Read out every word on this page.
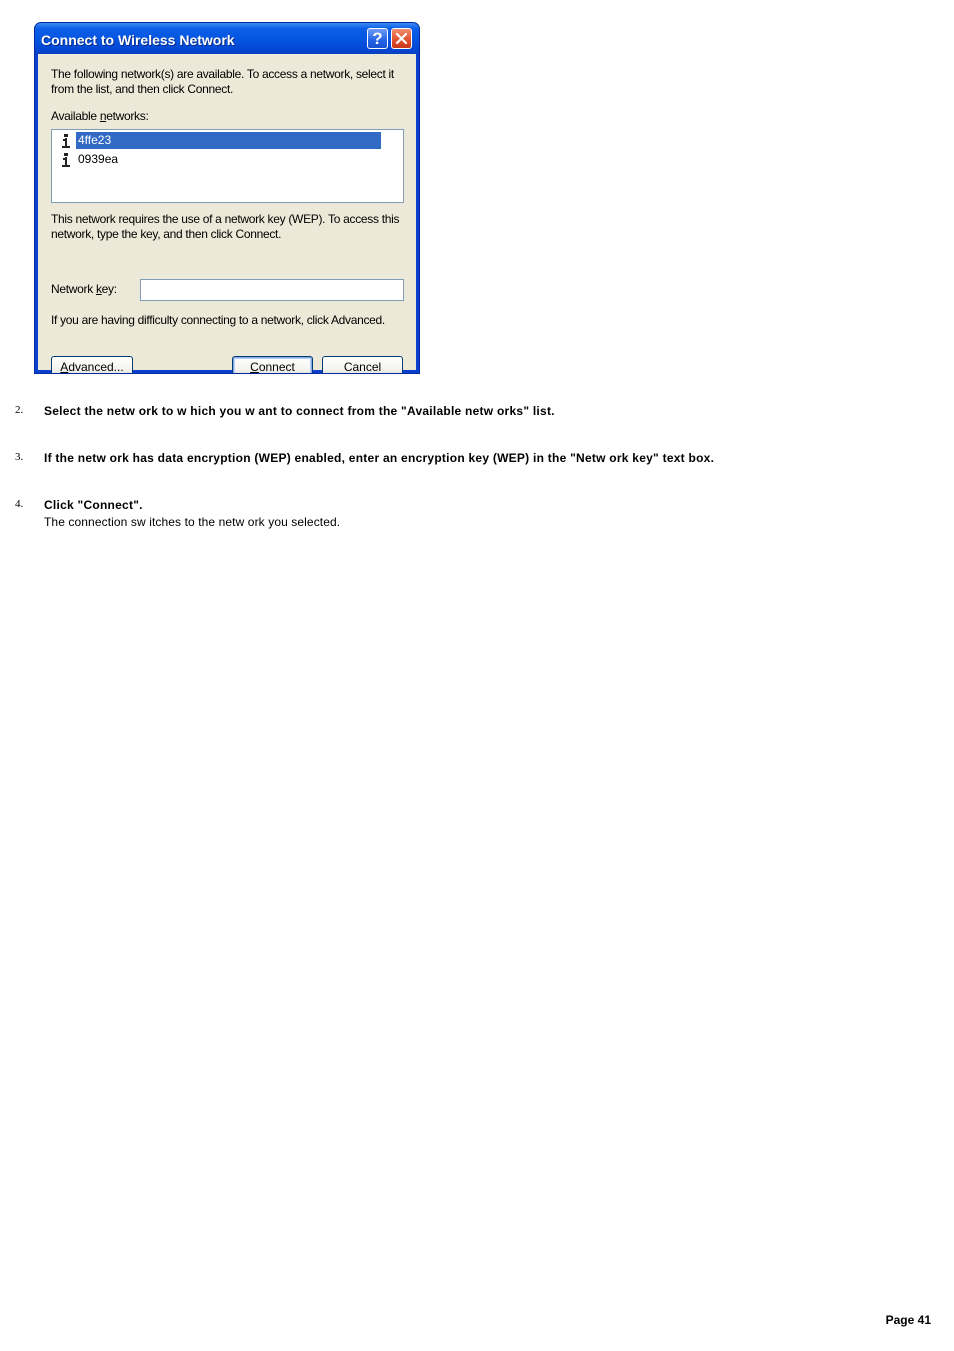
Connect to Wireless Network	?
The following network(s) are available. To access a network, select it from the list, and then click Connect.
Available networks:
4ffe23
0939ea
This network requires the use of a network key (WEP). To access this network, type the key, and then click Connect.
Network key:
If you are having difficulty connecting to a network, click Advanced.
Advanced...	Connect	Cancel
2. Select the netw ork to w hich you w ant to connect from the "Available netw orks" list.
3. If the netw ork has data encryption (WEP) enabled, enter an encryption key (WEP) in the "Netw ork key" text box.
4. Click "Connect".
The connection sw itches to the netw ork you selected.
Page 41
